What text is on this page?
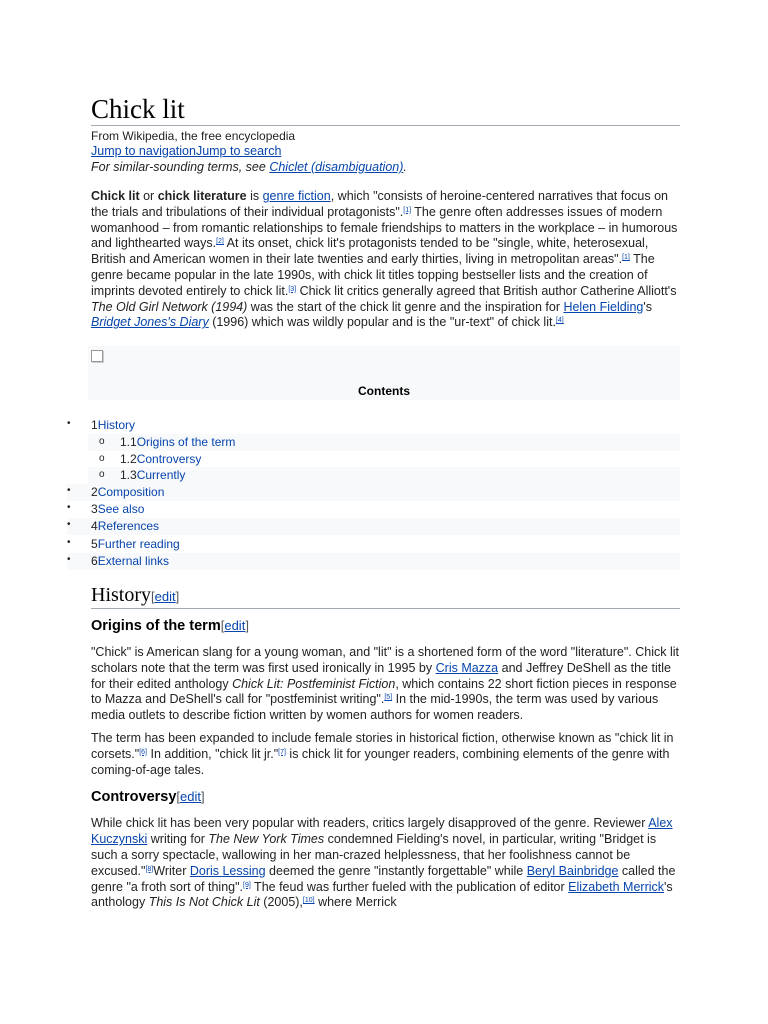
Chick lit
From Wikipedia, the free encyclopedia
Jump to navigationJump to search
For similar-sounding terms, see Chiclet (disambiguation).

Chick lit or chick literature is genre fiction, which "consists of heroine-centered narratives that focus on the trials and tribulations of their individual protagonists".[1] The genre often addresses issues of modern womanhood – from romantic relationships to female friendships to matters in the workplace – in humorous and lighthearted ways.[2] At its onset, chick lit's protagonists tended to be "single, white, heterosexual, British and American women in their late twenties and early thirties, living in metropolitan areas".[1] The genre became popular in the late 1990s, with chick lit titles topping bestseller lists and the creation of imprints devoted entirely to chick lit.[3] Chick lit critics generally agreed that British author Catherine Alliott's The Old Girl Network (1994) was the start of the chick lit genre and the inspiration for Helen Fielding's Bridget Jones's Diary (1996) which was wildly popular and is the "ur-text" of chick lit.[4]

Contents
• 1History
o 1.1Origins of the term
o 1.2Controversy
o 1.3Currently
• 2Composition
• 3See also
• 4References
• 5Further reading
• 6External links
History[edit]
Origins of the term[edit]

"Chick" is American slang for a young woman, and "lit" is a shortened form of the word "literature". Chick lit scholars note that the term was first used ironically in 1995 by Cris Mazza and Jeffrey DeShell as the title for their edited anthology Chick Lit: Postfeminist Fiction, which contains 22 short fiction pieces in response to Mazza and DeShell's call for "postfeminist writing".[5] In the mid-1990s, the term was used by various media outlets to describe fiction written by women authors for women readers.

The term has been expanded to include female stories in historical fiction, otherwise known as "chick lit in corsets."[6] In addition, "chick lit jr."[7] is chick lit for younger readers, combining elements of the genre with coming-of-age tales.

Controversy[edit]

While chick lit has been very popular with readers, critics largely disapproved of the genre. Reviewer Alex Kuczynski writing for The New York Times condemned Fielding's novel, in particular, writing "Bridget is such a sorry spectacle, wallowing in her man-crazed helplessness, that her foolishness cannot be excused."[8]Writer Doris Lessing deemed the genre "instantly forgettable" while Beryl Bainbridge called the genre "a froth sort of thing".[9] The feud was further fueled with the publication of editor Elizabeth Merrick's anthology This Is Not Chick Lit (2005),[10] where Merrick
